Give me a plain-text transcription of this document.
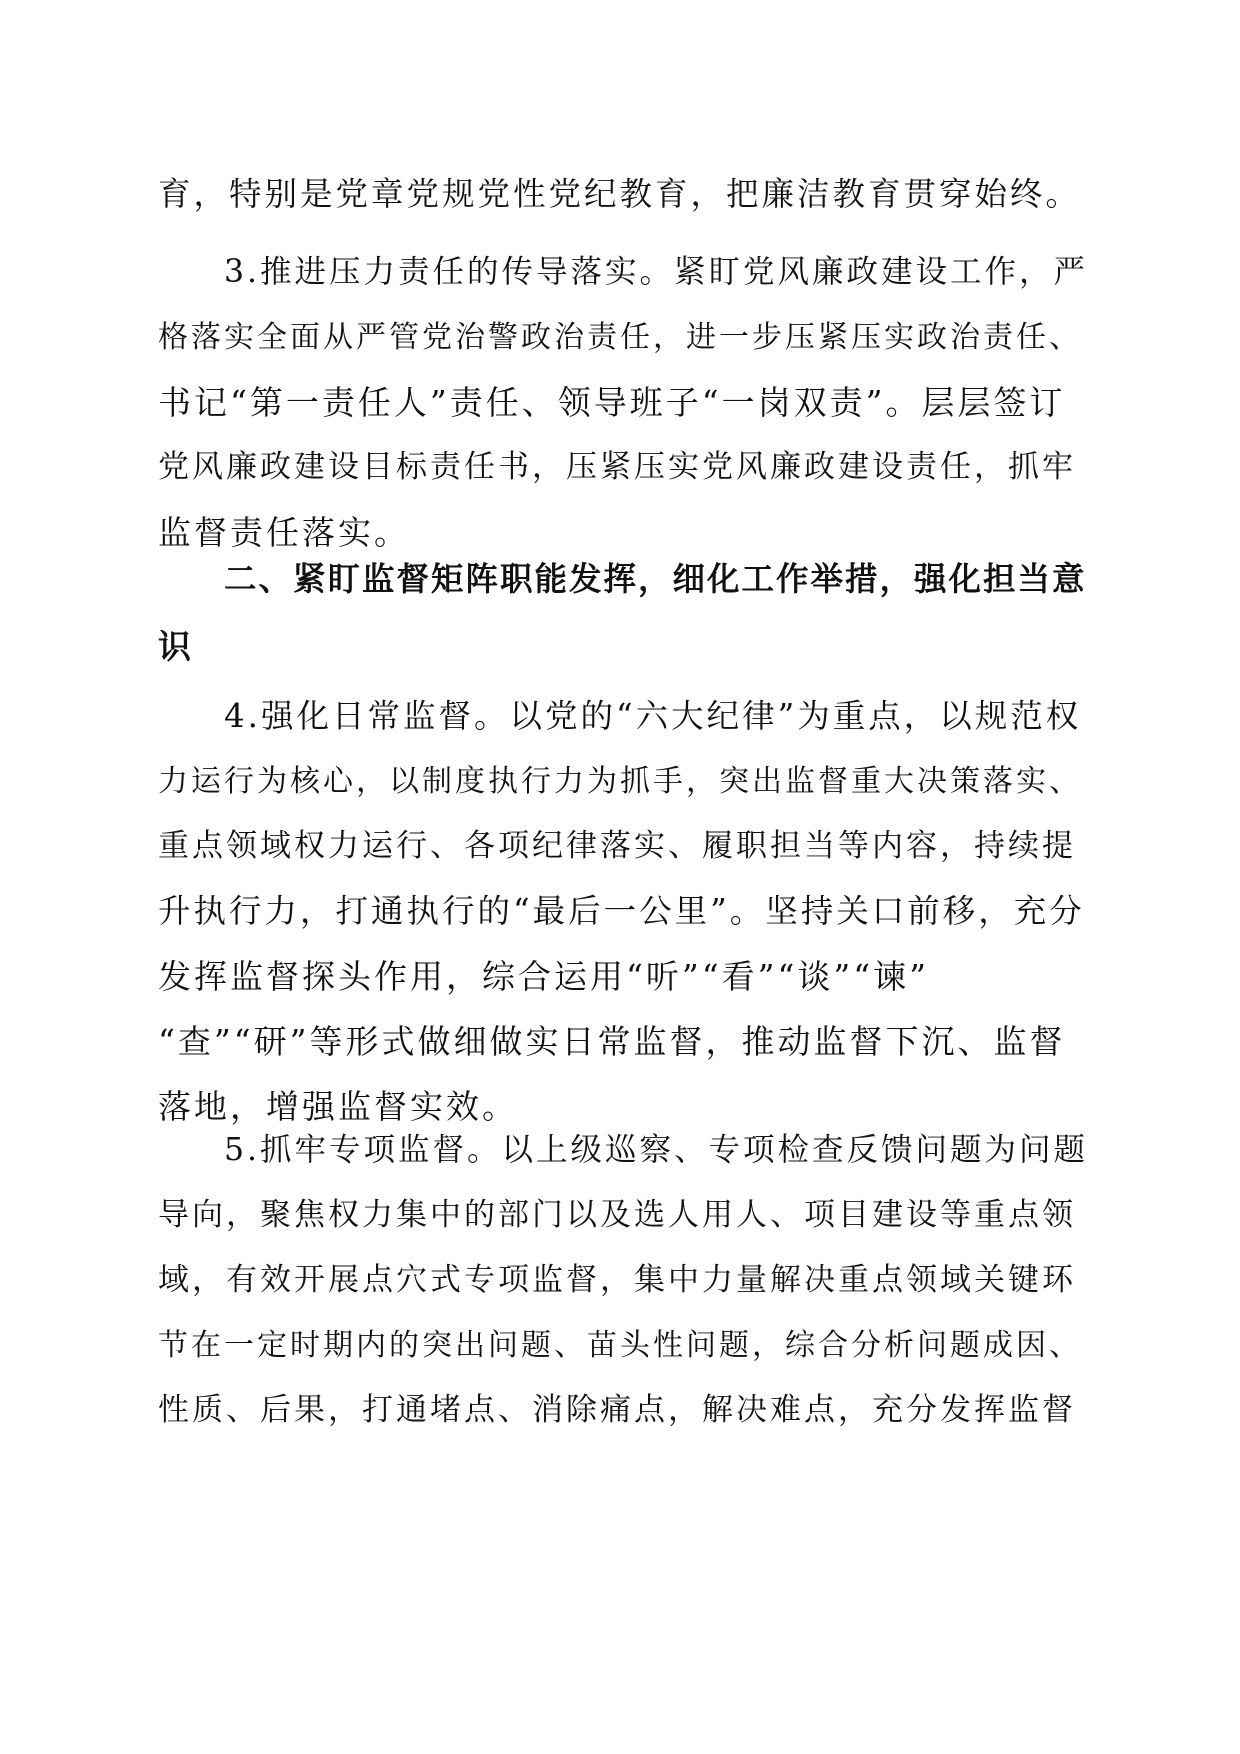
育，特别是党章党规党性党纪教育，把廉洁教育贯穿始终。
3.推进压力责任的传导落实。紧盯党风廉政建设工作，严
格落实全面从严管党治警政治责任，进一步压紧压实政治责任、
书记“第一责任人”责任、领导班子“一岗双责”。层层签订
党风廉政建设目标责任书，压紧压实党风廉政建设责任，抓牢
监督责任落实。
二、紧盯监督矩阵职能发挥，细化工作举措，强化担当意
识
4.强化日常监督。以党的“六大纪律”为重点，以规范权
力运行为核心，以制度执行力为抓手，突出监督重大决策落实、
重点领域权力运行、各项纪律落实、履职担当等内容，持续提
升执行力，打通执行的“最后一公里”。坚持关口前移，充分
发挥监督探头作用，综合运用“听”“看”“谈”“谏”
“查”“研”等形式做细做实日常监督，推动监督下沉、监督
落地，增强监督实效。
5.抓牢专项监督。以上级巡察、专项检查反馈问题为问题
导向，聚焦权力集中的部门以及选人用人、项目建设等重点领
域，有效开展点穴式专项监督，集中力量解决重点领域关键环
节在一定时期内的突出问题、苗头性问题，综合分析问题成因、
性质、后果，打通堵点、消除痛点，解决难点，充分发挥监督
